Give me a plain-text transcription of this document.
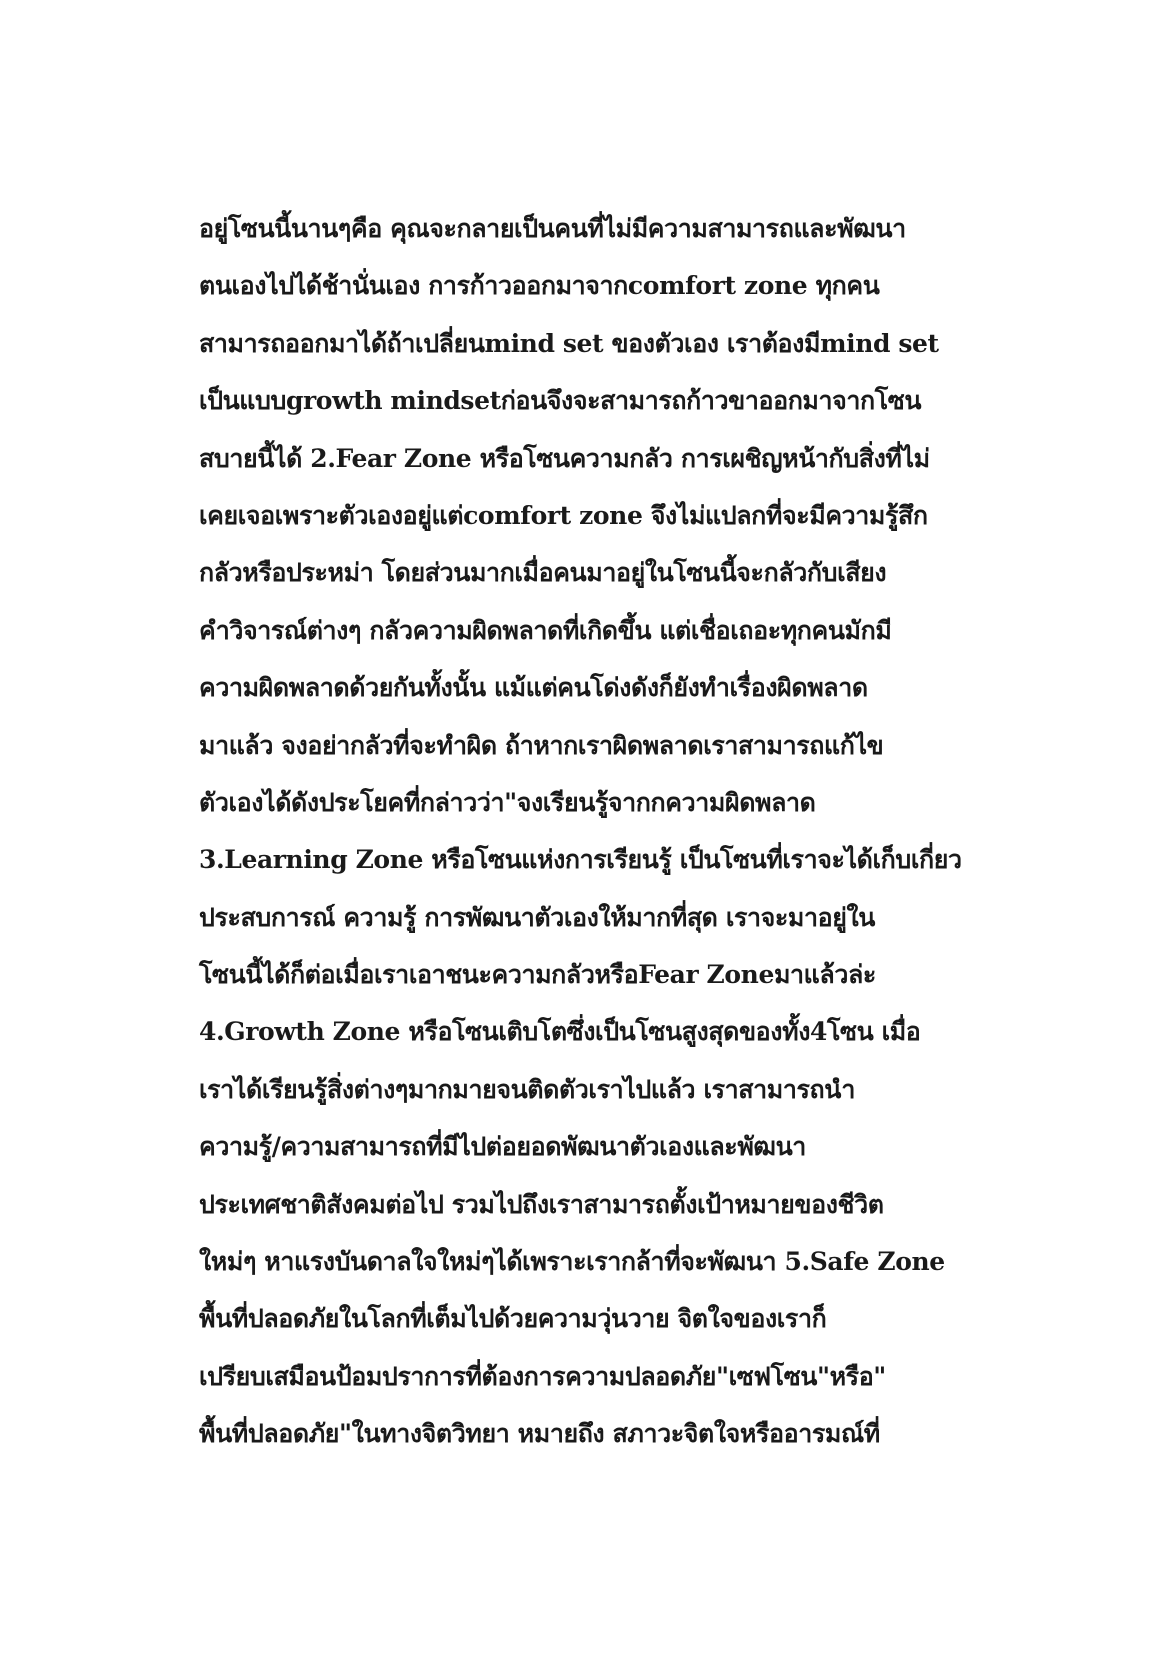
อยู่โซนนี้นานๆคือ คุณจะกลายเป็นคนที่ไม่มีความสามารถและพัฒนา
ตนเองไปได้ช้านั่นเอง การก้าวออกมาจากcomfort zone ทุกคน
สามารถออกมาได้ถ้าเปลี่ยนmind set ของตัวเอง เราต้องมีmind set
เป็นแบบgrowth mindsetก่อนจึงจะสามารถก้าวขาออกมาจากโซน
สบายนี้ได้ 2.Fear Zone หรือโซนความกลัว การเผชิญหน้ากับสิ่งที่ไม่
เคยเจอเพราะตัวเองอยู่แต่comfort zone จึงไม่แปลกที่จะมีความรู้สึก
กลัวหรือประหม่า โดยส่วนมากเมื่อคนมาอยู่ในโซนนี้จะกลัวกับเสียง
คำวิจารณ์ต่างๆ กลัวความผิดพลาดที่เกิดขึ้น แต่เชื่อเถอะทุกคนมักมี
ความผิดพลาดด้วยกันทั้งนั้น แม้แต่คนโด่งดังก็ยังทำเรื่องผิดพลาด
มาแล้ว จงอย่ากลัวที่จะทำผิด ถ้าหากเราผิดพลาดเราสามารถแก้ไข
ตัวเองได้ดังประโยคที่กล่าวว่า"จงเรียนรู้จากกความผิดพลาด
3.Learning Zone หรือโซนแห่งการเรียนรู้ เป็นโซนที่เราจะได้เก็บเกี่ยว
ประสบการณ์ ความรู้ การพัฒนาตัวเองให้มากที่สุด เราจะมาอยู่ใน
โซนนี้ได้ก็ต่อเมื่อเราเอาชนะความกลัวหรือFear Zoneมาแล้วล่ะ
4.Growth Zone หรือโซนเติบโตซึ่งเป็นโซนสูงสุดของทั้ง4โซน เมื่อ
เราได้เรียนรู้สิ่งต่างๆมากมายจนติดตัวเราไปแล้ว เราสามารถนำ
ความรู้/ความสามารถที่มีไปต่อยอดพัฒนาตัวเองและพัฒนา
ประเทศชาติสังคมต่อไป รวมไปถึงเราสามารถตั้งเป้าหมายของชีวิต
ใหม่ๆ หาแรงบันดาลใจใหม่ๆได้เพราะเรากล้าที่จะพัฒนา 5.Safe Zone
พื้นที่ปลอดภัยในโลกที่เต็มไปด้วยความวุ่นวาย จิตใจของเราก็
เปรียบเสมือนป้อมปราการที่ต้องการความปลอดภัย"เซฟโซน"หรือ"
พื้นที่ปลอดภัย"ในทางจิตวิทยา หมายถึง สภาวะจิตใจหรืออารมณ์ที่
